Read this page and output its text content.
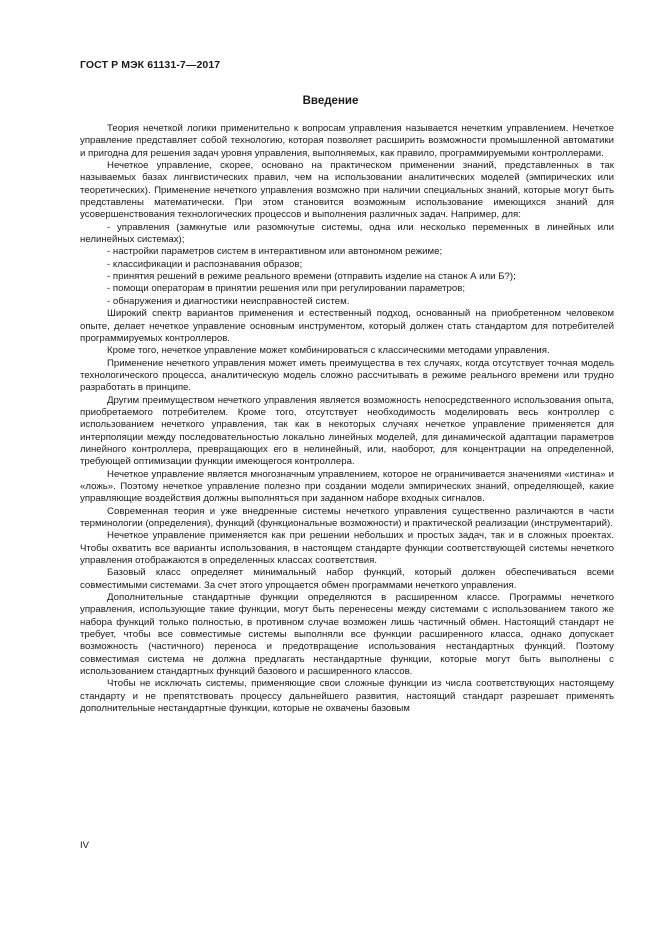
ГОСТ Р МЭК 61131-7—2017
Введение

Теория нечеткой логики применительно к вопросам управления называется нечетким управлением. Нечеткое управление представляет собой технологию, которая позволяет расширить возможности промышленной автоматики и пригодна для решения задач уровня управления, выполняемых, как правило, программируемыми контроллерами.

Нечеткое управление, скорее, основано на практическом применении знаний, представленных в так называемых базах лингвистических правил, чем на использовании аналитических моделей (эмпирических или теоретических). Применение нечеткого управления возможно при наличии специальных знаний, которые могут быть представлены математически. При этом становится возможным использование имеющихся знаний для усовершенствования технологических процессов и выполнения различных задач. Например, для:

- управления (замкнутые или разомкнутые системы, одна или несколько переменных в линейных или нелинейных системах);

- настройки параметров систем в интерактивном или автономном режиме;

- классификации и распознавания образов;

- принятия решений в режиме реального времени (отправить изделие на станок А или Б?);

- помощи операторам в принятии решения или при регулировании параметров;

- обнаружения и диагностики неисправностей систем.

Широкий спектр вариантов применения и естественный подход, основанный на приобретенном человеком опыте, делает нечеткое управление основным инструментом, который должен стать стандартом для потребителей программируемых контроллеров.

Кроме того, нечеткое управление может комбинироваться с классическими методами управления.

Применение нечеткого управления может иметь преимущества в тех случаях, когда отсутствует точная модель технологического процесса, аналитическую модель сложно рассчитывать в режиме реального времени или трудно разработать в принципе.

Другим преимуществом нечеткого управления является возможность непосредственного использования опыта, приобретаемого потребителем. Кроме того, отсутствует необходимость моделировать весь контроллер с использованием нечеткого управления, так как в некоторых случаях нечеткое управление применяется для интерполяции между последовательностью локально линейных моделей, для динамической адаптации параметров линейного контроллера, превращающих его в нелинейный, или, наоборот, для концентрации на определенной, требующей оптимизации функции имеющегося контроллера.

Нечеткое управление является многозначным управлением, которое не ограничивается значениями «истина» и «ложь». Поэтому нечеткое управление полезно при создании модели эмпирических знаний, определяющей, какие управляющие воздействия должны выполняться при заданном наборе входных сигналов.

Современная теория и уже внедренные системы нечеткого управления существенно различаются в части терминологии (определения), функций (функциональные возможности) и практической реализации (инструментарий).

Нечеткое управление применяется как при решении небольших и простых задач, так и в сложных проектах. Чтобы охватить все варианты использования, в настоящем стандарте функции соответствующей системы нечеткого управления отображаются в определенных классах соответствия.

Базовый класс определяет минимальный набор функций, который должен обеспечиваться всеми совместимыми системами. За счет этого упрощается обмен программами нечеткого управления.

Дополнительные стандартные функции определяются в расширенном классе. Программы нечеткого управления, использующие такие функции, могут быть перенесены между системами с использованием такого же набора функций только полностью, в противном случае возможен лишь частичный обмен. Настоящий стандарт не требует, чтобы все совместимые системы выполняли все функции расширенного класса, однако допускает возможность (частичного) переноса и предотвращение использования нестандартных функций. Поэтому совместимая система не должна предлагать нестандартные функции, которые могут быть выполнены с использованием стандартных функций базового и расширенного классов.

Чтобы не исключать системы, применяющие свои сложные функции из числа соответствующих настоящему стандарту и не препятствовать процессу дальнейшего развития, настоящий стандарт разрешает применять дополнительные нестандартные функции, которые не охвачены базовым

IV
